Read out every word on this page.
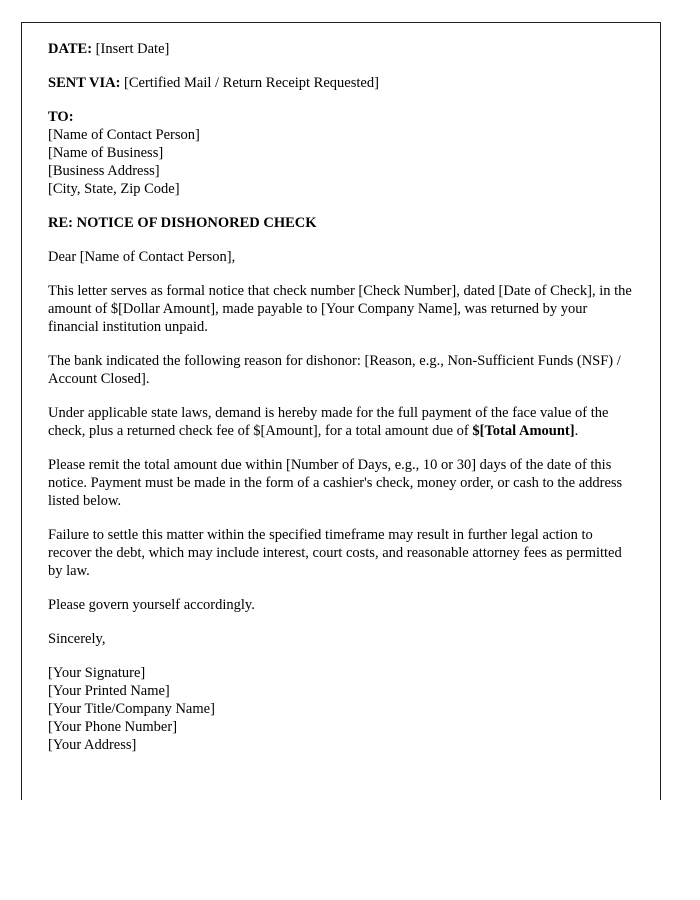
DATE: [Insert Date]

SENT VIA: [Certified Mail / Return Receipt Requested]

TO:
[Name of Contact Person]
[Name of Business]
[Business Address]
[City, State, Zip Code]

RE: NOTICE OF DISHONORED CHECK

Dear [Name of Contact Person],

This letter serves as formal notice that check number [Check Number], dated [Date of Check], in the amount of $[Dollar Amount], made payable to [Your Company Name], was returned by your financial institution unpaid.

The bank indicated the following reason for dishonor: [Reason, e.g., Non-Sufficient Funds (NSF) / Account Closed].

Under applicable state laws, demand is hereby made for the full payment of the face value of the check, plus a returned check fee of $[Amount], for a total amount due of $[Total Amount].

Please remit the total amount due within [Number of Days, e.g., 10 or 30] days of the date of this notice. Payment must be made in the form of a cashier's check, money order, or cash to the address listed below.

Failure to settle this matter within the specified timeframe may result in further legal action to recover the debt, which may include interest, court costs, and reasonable attorney fees as permitted by law.

Please govern yourself accordingly.

Sincerely,

[Your Signature]
[Your Printed Name]
[Your Title/Company Name]
[Your Phone Number]
[Your Address]
